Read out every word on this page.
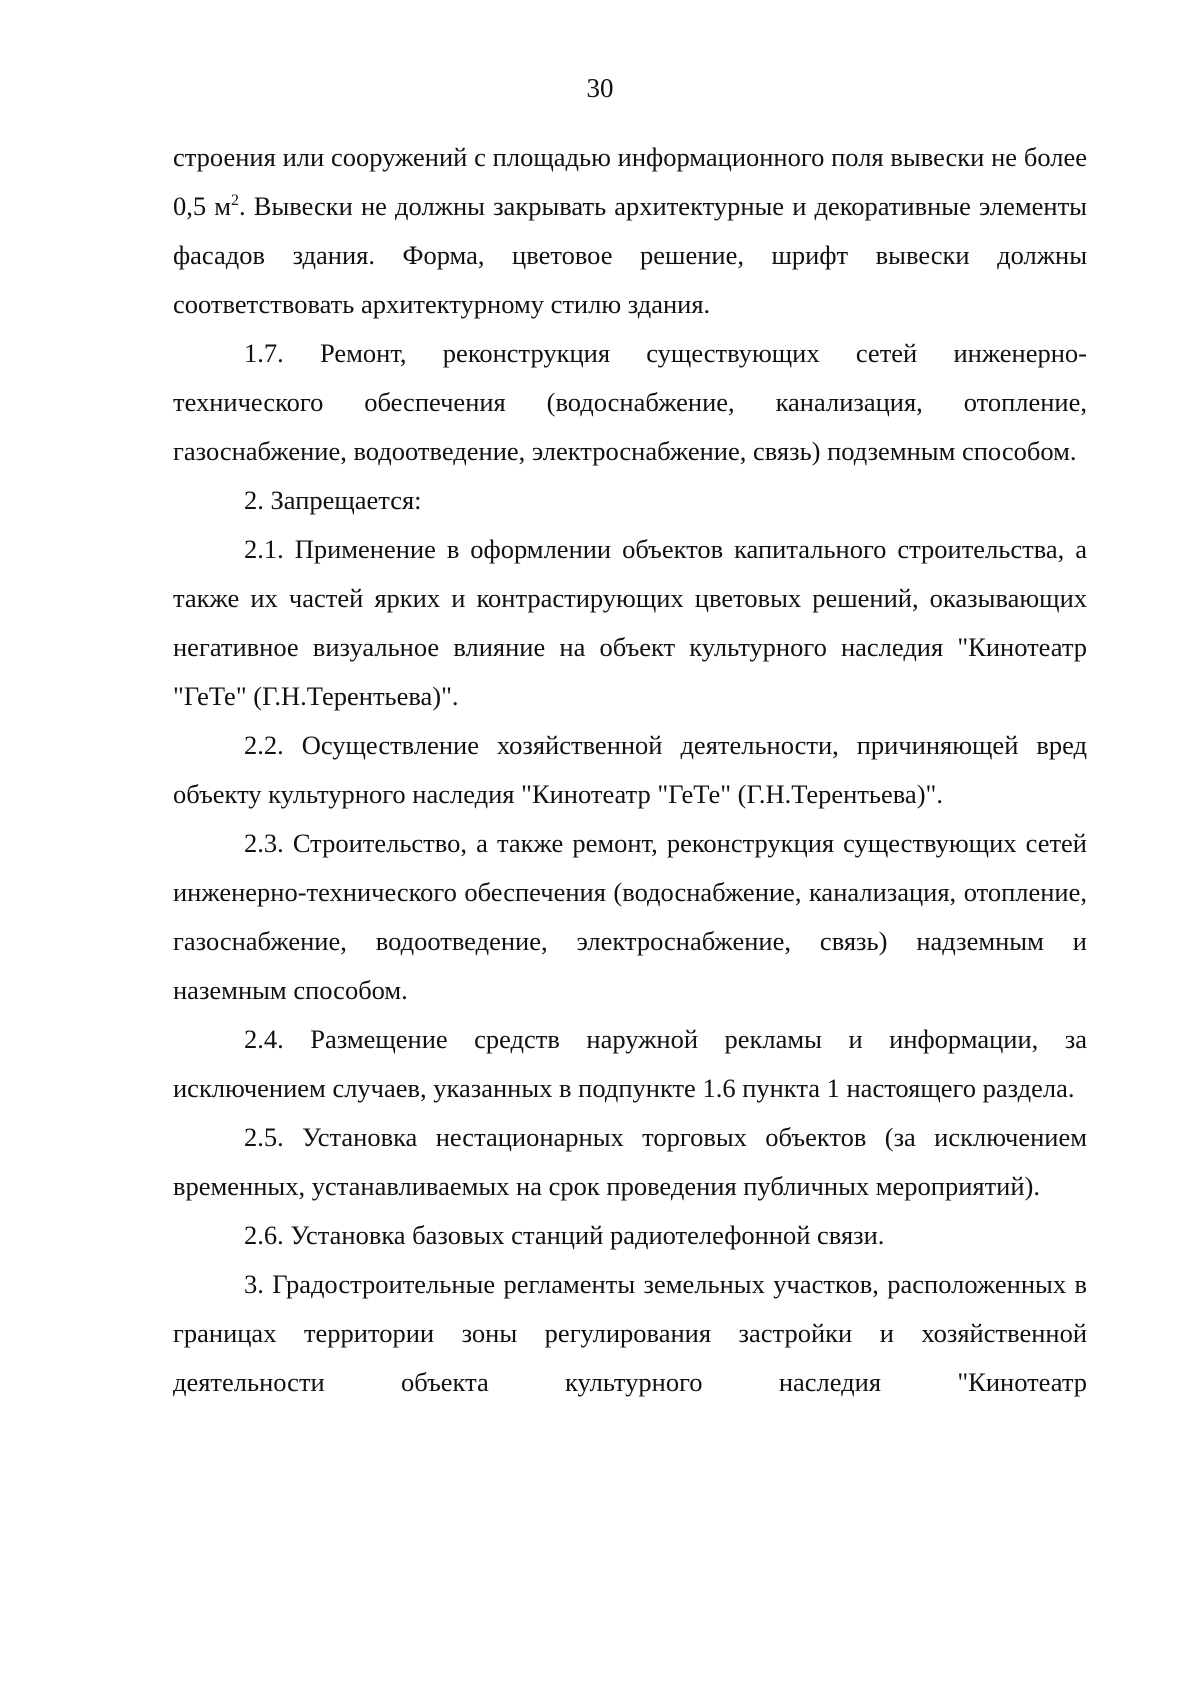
30

строения или сооружений с площадью информационного поля вывески не более 0,5 $м^2$. Вывески не должны закрывать архитектурные и декоративные элементы фасадов здания. Форма, цветовое решение, шрифт вывески должны соответствовать архитектурному стилю здания.

1.7. Ремонт, реконструкция существующих сетей инженерно-технического обеспечения (водоснабжение, канализация, отопление, газоснабжение, водоотведение, электроснабжение, связь) подземным способом.

2. Запрещается:

2.1. Применение в оформлении объектов капитального строительства, а также их частей ярких и контрастирующих цветовых решений, оказывающих негативное визуальное влияние на объект культурного наследия "Кинотеатр "ГеТе" (Г.Н.Терентьева)".

2.2. Осуществление хозяйственной деятельности, причиняющей вред объекту культурного наследия "Кинотеатр "ГеТе" (Г.Н.Терентьева)".

2.3. Строительство, а также ремонт, реконструкция существующих сетей инженерно-технического обеспечения (водоснабжение, канализация, отопление, газоснабжение, водоотведение, электроснабжение, связь) надземным и наземным способом.

2.4. Размещение средств наружной рекламы и информации, за исключением случаев, указанных в подпункте 1.6 пункта 1 настоящего раздела.

2.5. Установка нестационарных торговых объектов (за исключением временных, устанавливаемых на срок проведения публичных мероприятий).

2.6. Установка базовых станций радиотелефонной связи.

3. Градостроительные регламенты земельных участков, расположенных в границах территории зоны регулирования застройки и хозяйственной деятельности объекта культурного наследия "Кинотеатр
